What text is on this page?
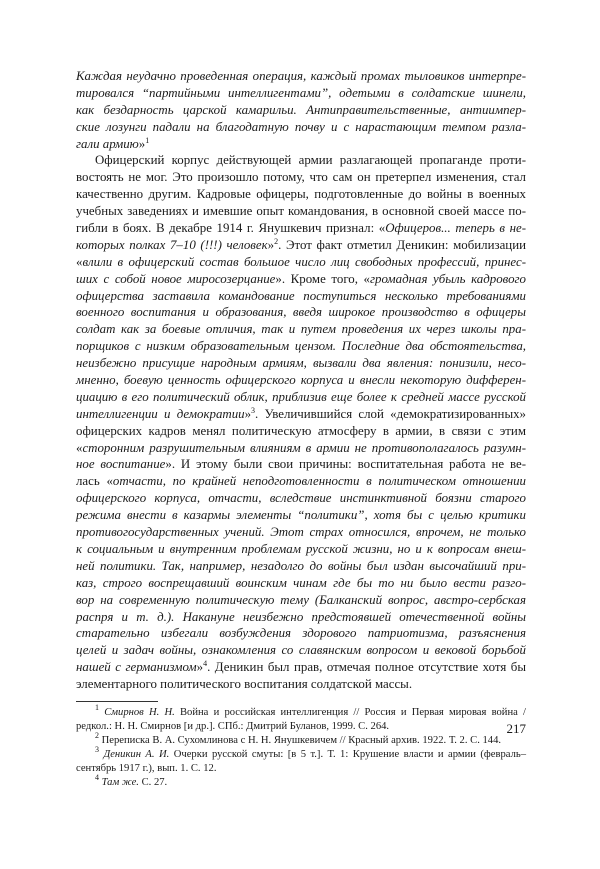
Каждая неудачно проведенная операция, каждый промах тыловиков интерпре-
тировался “партийными интеллигентами”, одетыми в солдатские шинели,
как бездарность царской камарильи. Антиправительственные, антиимпер-
ские лозунги падали на благодатную почву и с нарастающим темпом разла-
гали армию»$^1$
Офицерский корпус действующей армии разлагающей пропаганде проти-
востоять не мог. Это произошло потому, что сам он претерпел изменения, стал
качественно другим. Кадровые офицеры, подготовленные до войны в военных
учебных заведениях и имевшие опыт командования, в основной своей массе по-
гибли в боях. В декабре 1914 г. Янушкевич признал: «Офицеров... теперь в не-
которых полках 7–10 (!!!) человек»$^2$. Этот факт отметил Деникин: мобилизации
«влили в офицерский состав большое число лиц свободных профессий, принес-
ших с собой новое миросозерцание». Кроме того, «громадная убыль кадрового
офицерства заставила командование поступиться несколько требованиями
военного воспитания и образования, введя широкое производство в офицеры
солдат как за боевые отличия, так и путем проведения их через школы пра-
порщиков с низким образовательным цензом. Последние два обстоятельства,
неизбежно присущие народным армиям, вызвали два явления: понизили, несо-
мненно, боевую ценность офицерского корпуса и внесли некоторую дифферен-
циацию в его политический облик, приблизив еще более к средней массе русской
интеллигенции и демократии»$^3$. Увеличившийся слой «демократизированных»
офицерских кадров менял политическую атмосферу в армии, в связи с этим
«сторонним разрушительным влияниям в армии не противополагалось разумн-
ное воспитание». И этому были свои причины: воспитательная работа не ве-
лась «отчасти, по крайней неподготовленности в политическом отношении
офицерского корпуса, отчасти, вследствие инстинктивной боязни старого
режима внести в казармы элементы “политики”, хотя бы с целью критики
противогосударственных учений. Этот страх относился, впрочем, не только
к социальным и внутренним проблемам русской жизни, но и к вопросам внеш-
ней политики. Так, например, незадолго до войны был издан высочайший при-
каз, строго воспрещавший воинским чинам где бы то ни было вести разго-
вор на современную политическую тему (Балканский вопрос, австро-сербская
распря и т. д.). Накануне неизбежно предстоявшей отечественной войны
старательно избегали возбуждения здорового патриотизма, разъяснения
целей и задач войны, ознакомления со славянским вопросом и вековой борьбой
нашей с германизмом»$^4$. Деникин был прав, отмечая полное отсутствие хотя бы
элементарного политического воспитания солдатской массы.
$^1$ Смирнов Н. Н. Война и российская интеллигенция // Россия и Первая мировая война /
редкол.: Н. Н. Смирнов [и др.]. СПб.: Дмитрий Буланов, 1999. С. 264.
$^2$ Переписка В. А. Сухомлинова с Н. Н. Янушкевичем // Красный архив. 1922. Т. 2. С. 144.
$^3$ Деникин А. И. Очерки русской смуты: [в 5 т.]. Т. 1: Крушение власти и армии (февраль–
сентябрь 1917 г.), вып. 1. С. 12.
$^4$ Там же. С. 27.
217
